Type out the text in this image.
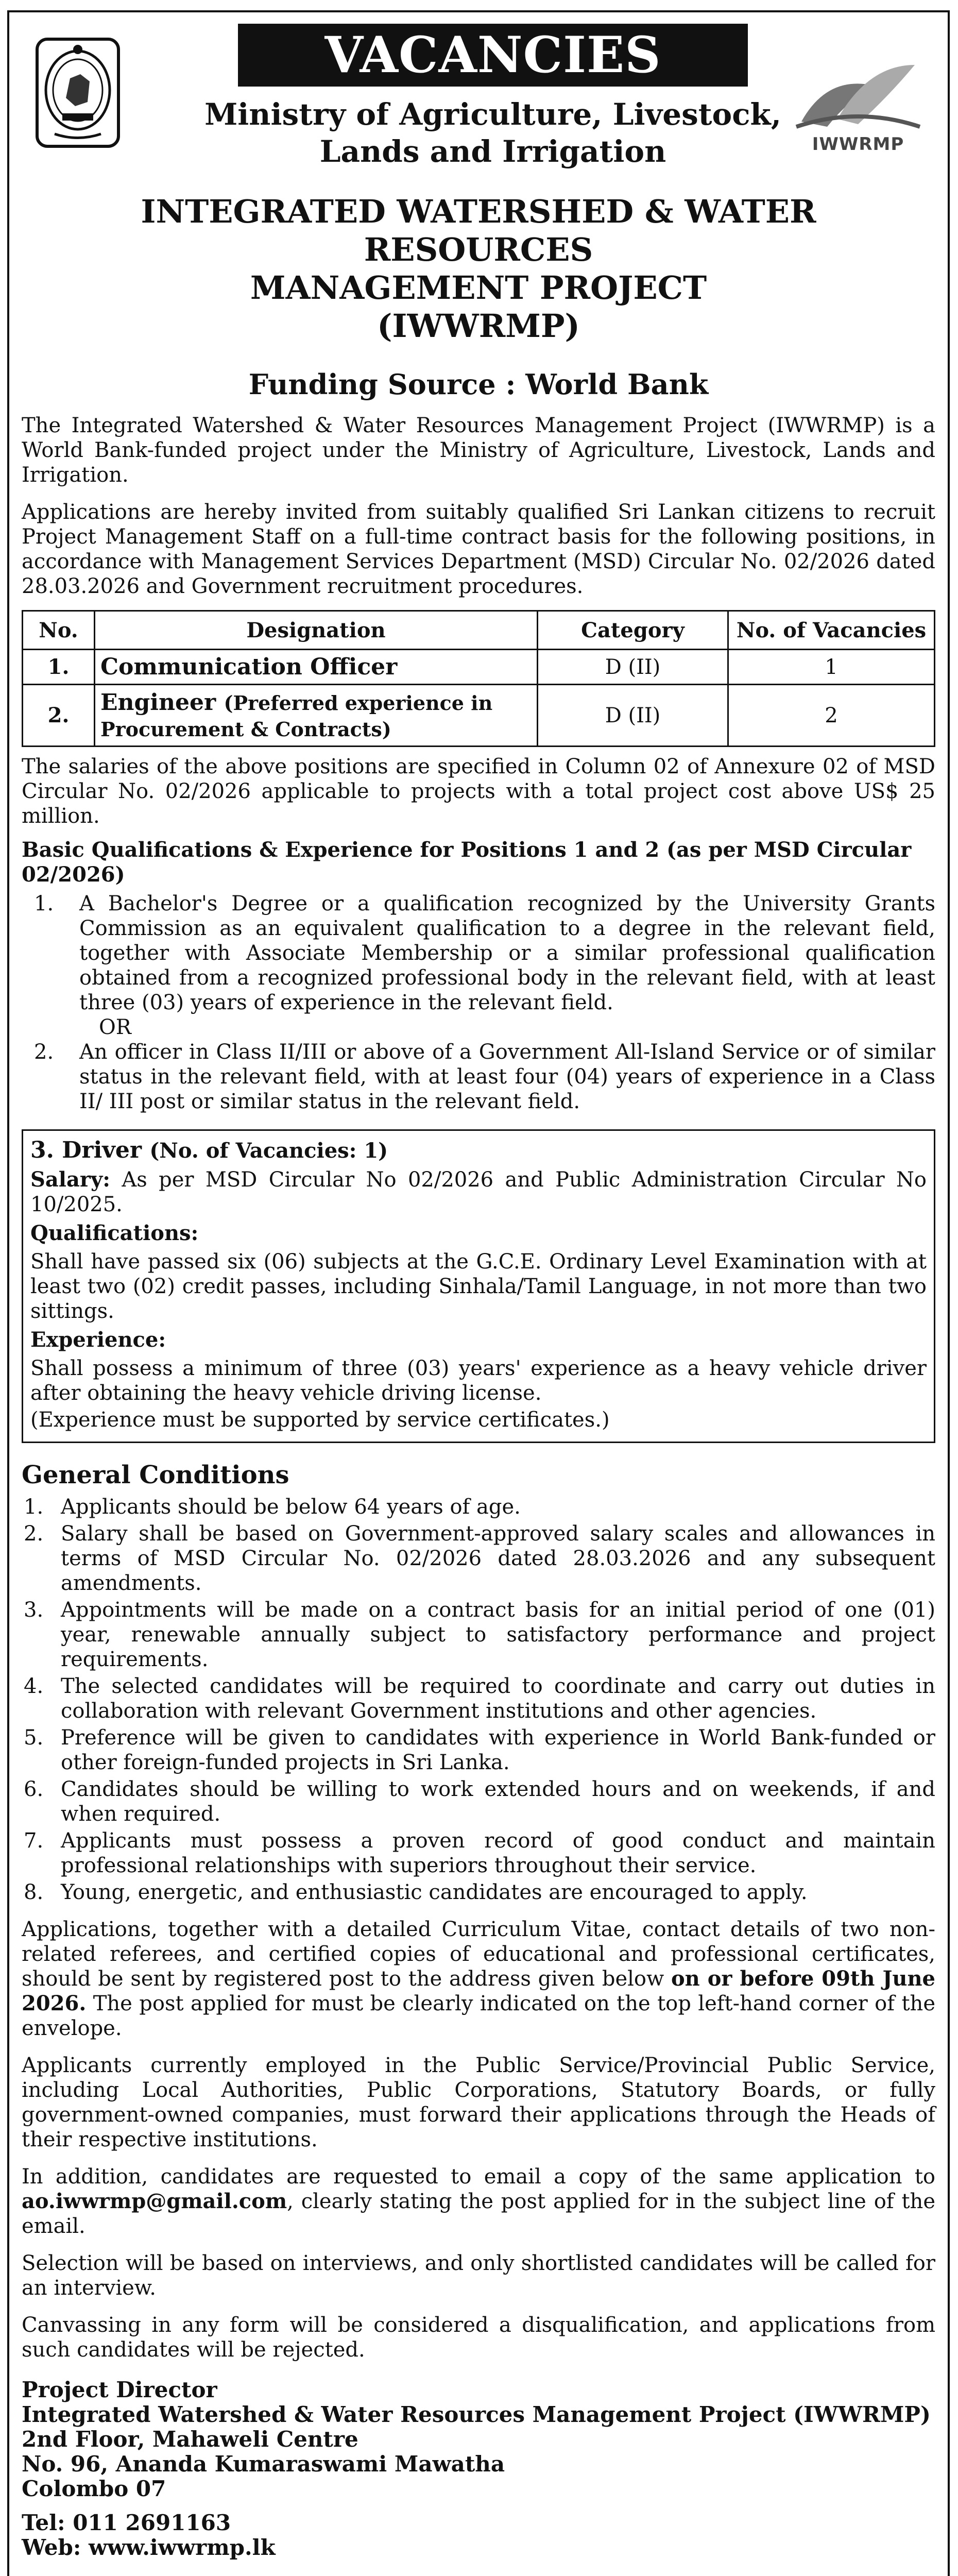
VACANCIES
Ministry of Agriculture, Livestock,
Lands and Irrigation	IWWRMP
INTEGRATED WATERSHED & WATER RESOURCES
MANAGEMENT PROJECT
(IWWRMP)
Funding Source : World Bank

The Integrated Watershed & Water Resources Management Project (IWWRMP) is a World Bank-funded project under the Ministry of Agriculture, Livestock, Lands and Irrigation.

Applications are hereby invited from suitably qualified Sri Lankan citizens to recruit Project Management Staff on a full-time contract basis for the following positions, in accordance with Management Services Department (MSD) Circular No. 02/2026 dated 28.03.2026 and Government recruitment procedures.

No.	Designation	Category	No. of Vacancies
1.	Communication Officer	D (II)	1
2.	Engineer (Preferred experience in Procurement & Contracts)	D (II)	2

The salaries of the above positions are specified in Column 02 of Annexure 02 of MSD Circular No. 02/2026 applicable to projects with a total project cost above US$ 25 million.

Basic Qualifications & Experience for Positions 1 and 2 (as per MSD Circular 02/2026)
1. A Bachelor's Degree or a qualification recognized by the University Grants Commission as an equivalent qualification to a degree in the relevant field, together with Associate Membership or a similar professional qualification obtained from a recognized professional body in the relevant field, with at least three (03) years of experience in the relevant field.
OR
2. An officer in Class II/III or above of a Government All-Island Service or of similar status in the relevant field, with at least four (04) years of experience in a Class II/ III post or similar status in the relevant field.
3. Driver (No. of Vacancies: 1)

Salary: As per MSD Circular No 02/2026 and Public Administration Circular No 10/2025.

Qualifications:

Shall have passed six (06) subjects at the G.C.E. Ordinary Level Examination with at least two (02) credit passes, including Sinhala/Tamil Language, in not more than two sittings.

Experience:

Shall possess a minimum of three (03) years' experience as a heavy vehicle driver after obtaining the heavy vehicle driving license.

(Experience must be supported by service certificates.)

General Conditions
1. Applicants should be below 64 years of age.
2. Salary shall be based on Government-approved salary scales and allowances in terms of MSD Circular No. 02/2026 dated 28.03.2026 and any subsequent amendments.
3. Appointments will be made on a contract basis for an initial period of one (01) year, renewable annually subject to satisfactory performance and project requirements.
4. The selected candidates will be required to coordinate and carry out duties in collaboration with relevant Government institutions and other agencies.
5. Preference will be given to candidates with experience in World Bank-funded or other foreign-funded projects in Sri Lanka.
6. Candidates should be willing to work extended hours and on weekends, if and when required.
7. Applicants must possess a proven record of good conduct and maintain professional relationships with superiors throughout their service.
8. Young, energetic, and enthusiastic candidates are encouraged to apply.

Applications, together with a detailed Curriculum Vitae, contact details of two non-related referees, and certified copies of educational and professional certificates, should be sent by registered post to the address given below on or before 09th June 2026. The post applied for must be clearly indicated on the top left-hand corner of the envelope.

Applicants currently employed in the Public Service/Provincial Public Service, including Local Authorities, Public Corporations, Statutory Boards, or fully government-owned companies, must forward their applications through the Heads of their respective institutions.

In addition, candidates are requested to email a copy of the same application to ao.iwwrmp@gmail.com, clearly stating the post applied for in the subject line of the email.

Selection will be based on interviews, and only shortlisted candidates will be called for an interview.

Canvassing in any form will be considered a disqualification, and applications from such candidates will be rejected.

Project Director
Integrated Watershed & Water Resources Management Project (IWWRMP)
2nd Floor, Mahaweli Centre
No. 96, Ananda Kumaraswami Mawatha
Colombo 07
Tel: 011 2691163
Web: www.iwwrmp.lk
